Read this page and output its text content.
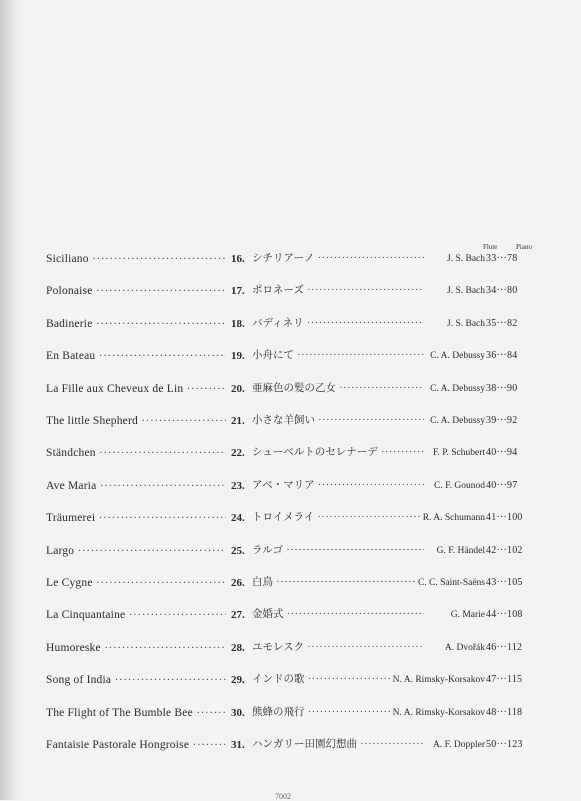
Flute	Piano
Siciliano ·····	16. シチリアーノ ·····	J. S. Bach 33···78
Polonaise ·····	17. ポロネーズ ·····	J. S. Bach 34···80
Badinerie ·····	18. バディネリ ·····	J. S. Bach 35···82
En Bateau ·····	19. 小舟にて ·····	C. A. Debussy 36···84
La Fille aux Cheveux de Lin ·····	20. 亜麻色の髪の乙女 ·····	C. A. Debussy 38···90
The little Shepherd ·····	21. 小さな羊飼い ·····	C. A. Debussy 39···92
Ständchen ·····	22. シューベルトのセレナーデ ·····	F. P. Schubert 40···94
Ave Maria ·····	23. アベ・マリア ·····	C. F. Gounod 40···97
Träumerei ·····	24. トロイメライ ·····	R. A. Schumann 41···100
Largo ·····	25. ラルゴ ·····	G. F. Händel 42···102
Le Cygne ·····	26. 白鳥 ·····	C. C. Saint-Saëns 43···105
La Cinquantaine ·····	27. 金婚式 ·····	G. Marie 44···108
Humoreske ·····	28. ユモレスク ·····	A. Dvořák 46···112
Song of India ·····	29. インドの歌 ·····	N. A. Rimsky-Korsakov 47···115
The Flight of The Bumble Bee ·····	30. 熊蜂の飛行 ·····	N. A. Rimsky-Korsakov 48···118
Fantaisie Pastorale Hongroise ·····	31. ハンガリー田園幻想曲 ·····	A. F. Doppler 50···123
7002
